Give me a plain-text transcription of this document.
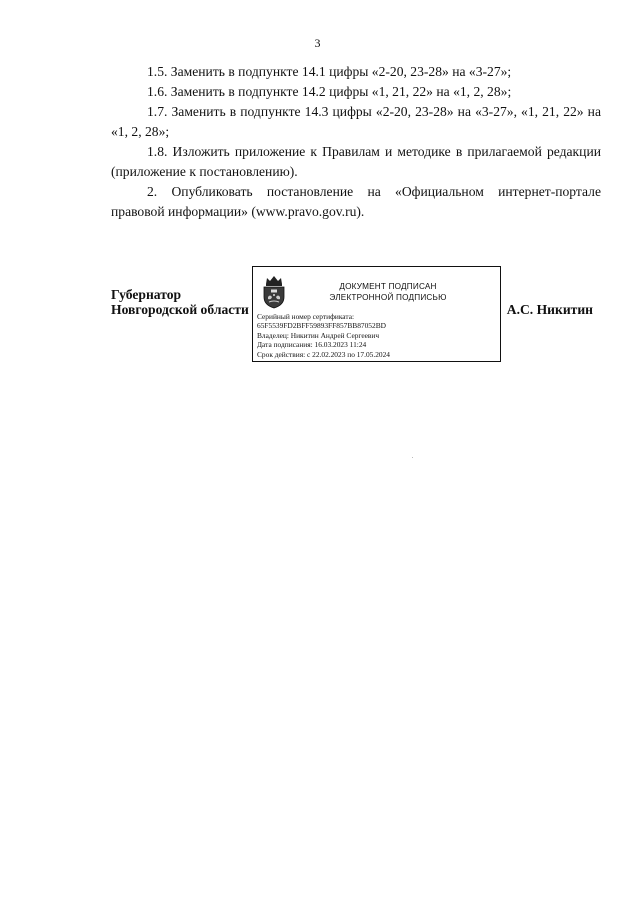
3

1.5. Заменить в подпункте 14.1 цифры «2-20, 23-28» на «3-27»;

1.6. Заменить в подпункте 14.2 цифры «1, 21, 22» на «1, 2, 28»;

1.7. Заменить в подпункте 14.3 цифры «2-20, 23-28» на «3-27», «1, 21, 22» на «1, 2, 28»;

1.8. Изложить приложение к Правилам и методике в прилагаемой редакции (приложение к постановлению).

2. Опубликовать постановление на «Официальном интернет-портале правовой информации» (www.pravo.gov.ru).

Губернатор
Новгородской области
ДОКУМЕНТ ПОДПИСАН
ЭЛЕКТРОННОЙ ПОДПИСЬЮ
Серийный номер сертификата:
65F5539FD2BFF59893FF857BB87052BD
Владелец: Никитин Андрей Сергеевич
Дата подписания: 16.03.2023 11:24
Срок действия: с 22.02.2023 по 17.05.2024
А.С. Никитин
